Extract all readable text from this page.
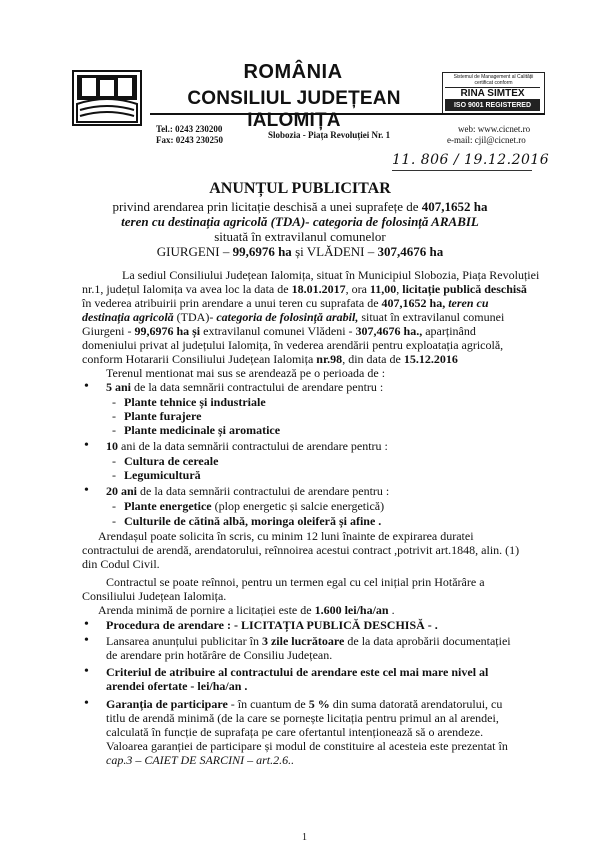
ROMÂNIA
CONSILIUL JUDEȚEAN IALOMIȚA
Sistemul de Management al Calității
certificat conform
RINA SIMTEX
ISO 9001 REGISTERED C.3449.1
Tel.: 0243 230200
Fax: 0243 230250	Slobozia - Piața Revoluției Nr. 1
web: www.cicnet.ro
e-mail: cjil@cicnet.ro
11. 806 / 19.12.2016
ANUNȚUL PUBLICITAR
privind arendarea prin licitație deschisă a unei suprafețe de 407,1652 ha
teren cu destinația agricolă (TDA)- categoria de folosință ARABIL
situată în extravilanul comunelor
GIURGENI – 99,6976 ha și VLĂDENI – 307,4676 ha
La sediul Consiliului Județean Ialomița, situat în Municipiul Slobozia, Piața Revoluției
nr.1, județul Ialomița va avea loc la data de 18.01.2017, ora 11,00, licitație publică deschisă
în vederea atribuirii prin arendare a unui teren cu suprafata de 407,1652 ha, teren cu
destinația agricolă (TDA)- categoria de folosință arabil, situat în extravilanul comunei
Giurgeni - 99,6976 ha și extravilanul comunei Vlădeni - 307,4676 ha., aparținând
domeniului privat al județului Ialomița, în vederea arendării pentru exploatația agricolă,
conform Hotararii Consiliului Județean Ialomița nr.98, din data de 15.12.2016
Terenul mentionat mai sus se arendează pe o perioada de :
• 5 ani de la data semnării contractului de arendare pentru :
- Plante tehnice și industriale
- Plante furajere
- Plante medicinale și aromatice
• 10 ani de la data semnării contractului de arendare pentru :
- Cultura de cereale
- Legumicultură
• 20 ani de la data semnării contractului de arendare pentru :
- Plante energetice (plop energetic și salcie energetică)
- Culturile de cătină albă, moringa oleiferă și afine .
Arendașul poate solicita în scris, cu minim 12 luni înainte de expirarea duratei
contractului de arendă, arendatorului, reînnoirea acestui contract ,potrivit art.1848, alin. (1)
din Codul Civil.
Contractul se poate reînnoi, pentru un termen egal cu cel inițial prin Hotărâre a
Consiliului Județean Ialomița.
Arenda minimă de pornire a licitației este de 1.600 lei/ha/an .
• Procedura de arendare : - LICITAȚIA PUBLICĂ DESCHISĂ - .
• Lansarea anunțului publicitar în 3 zile lucrătoare de la data aprobării documentației
de arendare prin hotărâre de Consiliu Județean.
• Criteriul de atribuire al contractului de arendare este cel mai mare nivel al
arendei ofertate - lei/ha/an .
• Garanția de participare - în cuantum de 5 % din suma datorată arendatorului, cu
titlu de arendă minimă (de la care se pornește licitația pentru primul an al arendei,
calculată în funcție de suprafața pe care ofertantul intenționează să o arendeze.
Valoarea garanției de participare și modul de constituire al acesteia este prezentat în
cap.3 – CAIET DE SARCINI – art.2.6..
1
